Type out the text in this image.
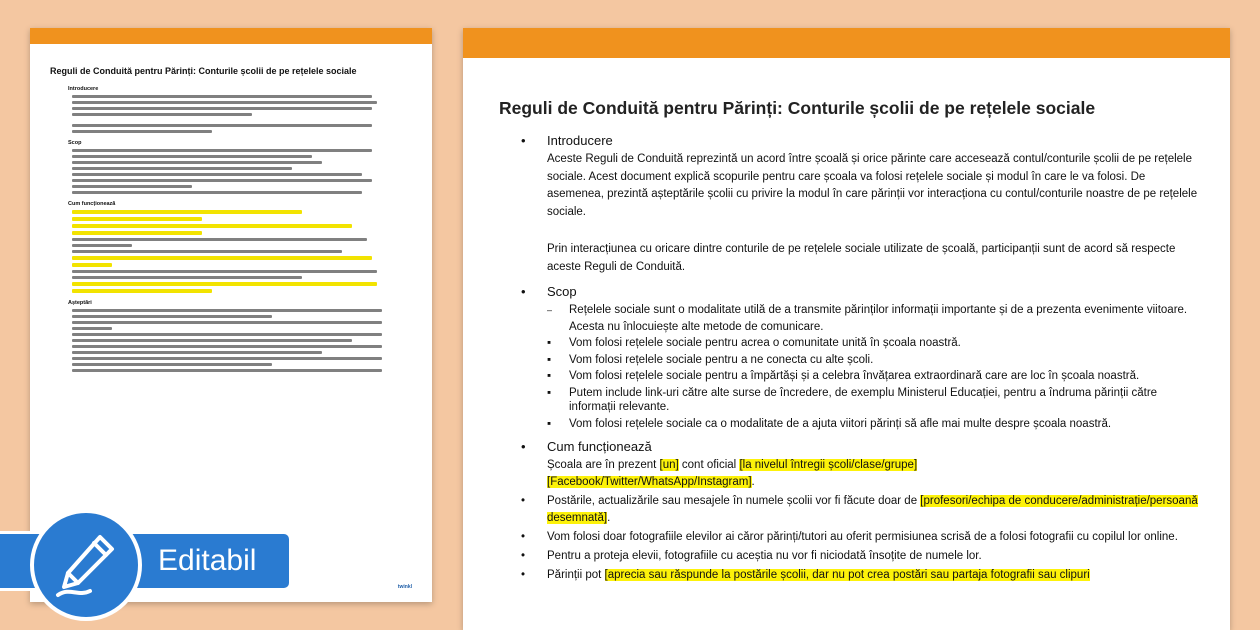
Reguli de Conduită pentru Părinți: Conturile școlii de pe rețelele sociale
Introducere
Scop
Cum funcționează
Așteptări
twinkl
Reguli de Conduită pentru Părinți: Conturile școlii de pe rețelele sociale
• Introducere
Aceste Reguli de Conduită reprezintă un acord între școală și orice părinte care accesează contul/conturile școlii de pe rețelele sociale. Acest document explică scopurile pentru care școala va folosi rețelele sociale și modul în care le va folosi. De asemenea, prezintă așteptările școlii cu privire la modul în care părinții vor interacționa cu contul/conturile noastre de pe rețelele sociale.
Prin interacțiunea cu oricare dintre conturile de pe rețelele sociale utilizate de școală, participanții sunt de acord să respecte aceste Reguli de Conduită.
• Scop
– Rețelele sociale sunt o modalitate utilă de a transmite părinților informații importante și de a prezenta evenimente viitoare. Acesta nu înlocuiește alte metode de comunicare.
▪ Vom folosi rețelele sociale pentru acrea o comunitate unită în școala noastră.
▪ Vom folosi rețelele sociale pentru a ne conecta cu alte școli.
▪ Vom folosi rețelele sociale pentru a împărtăși și a celebra învățarea extraordinară care are loc în școala noastră.
▪ Putem include link-uri către alte surse de încredere, de exemplu Ministerul Educației, pentru a îndruma părinții către informații relevante.
▪ Vom folosi rețelele sociale ca o modalitate de a ajuta viitori părinți să afle mai multe despre școala noastră.
• Cum funcționează
Școala are în prezent [un] cont oficial [la nivelul întregii școli/clase/grupe]
[Facebook/Twitter/WhatsApp/Instagram].
• Postările, actualizările sau mesajele în numele școlii vor fi făcute doar de [profesori/echipa de conducere/administrație/persoană desemnată].
• Vom folosi doar fotografiile elevilor ai căror părinți/tutori au oferit permisiunea scrisă de a folosi fotografii cu copilul lor online.
• Pentru a proteja elevii, fotografiile cu aceștia nu vor fi niciodată însoțite de numele lor.
• Părinții pot [aprecia sau răspunde la postările școlii, dar nu pot crea postări sau partaja fotografii sau clipuri
Editabil
